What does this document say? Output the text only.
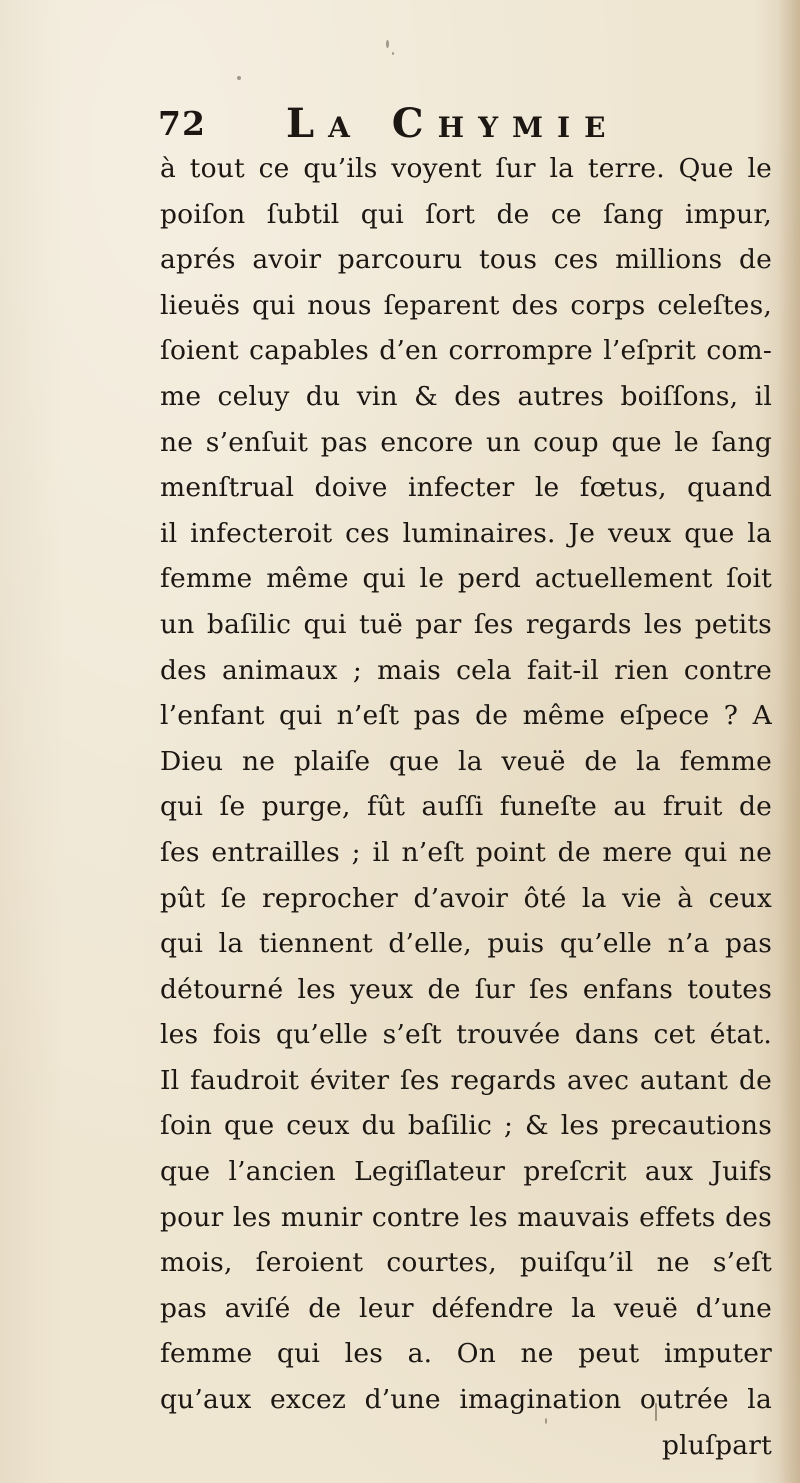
72 La Chymie
à tout ce qu’ils voyent ſur la terre. Que le
poiſon ſubtil qui ſort de ce ſang impur,
aprés avoir parcouru tous ces millions de
lieuës qui nous ſeparent des corps celeſtes,
ſoient capables d’en corrompre l’eſprit com-
me celuy du vin & des autres boiſſons, il
ne s’enſuit pas encore un coup que le ſang
menſtrual doive infecter le fœtus, quand
il infecteroit ces luminaires. Je veux que la
femme même qui le perd actuellement ſoit
un baſilic qui tuë par ſes regards les petits
des animaux ; mais cela fait-il rien contre
l’enfant qui n’eſt pas de même eſpece ? A
Dieu ne plaiſe que la veuë de la femme
qui ſe purge, fût auſſi funeſte au fruit de
ſes entrailles ; il n’eſt point de mere qui ne
pût ſe reprocher d’avoir ôté la vie à ceux
qui la tiennent d’elle, puis qu’elle n’a pas
détourné les yeux de ſur ſes enfans toutes
les fois qu’elle s’eſt trouvée dans cet état.
Il faudroit éviter ſes regards avec autant de
ſoin que ceux du baſilic ; & les precautions
que l’ancien Legiſlateur preſcrit aux Juifs
pour les munir contre les mauvais effets des
mois, ſeroient courtes, puiſqu’il ne s’eſt
pas aviſé de leur défendre la veuë d’une
femme qui les a. On ne peut imputer
qu’aux excez d’une imagination outrée la
pluſpart
